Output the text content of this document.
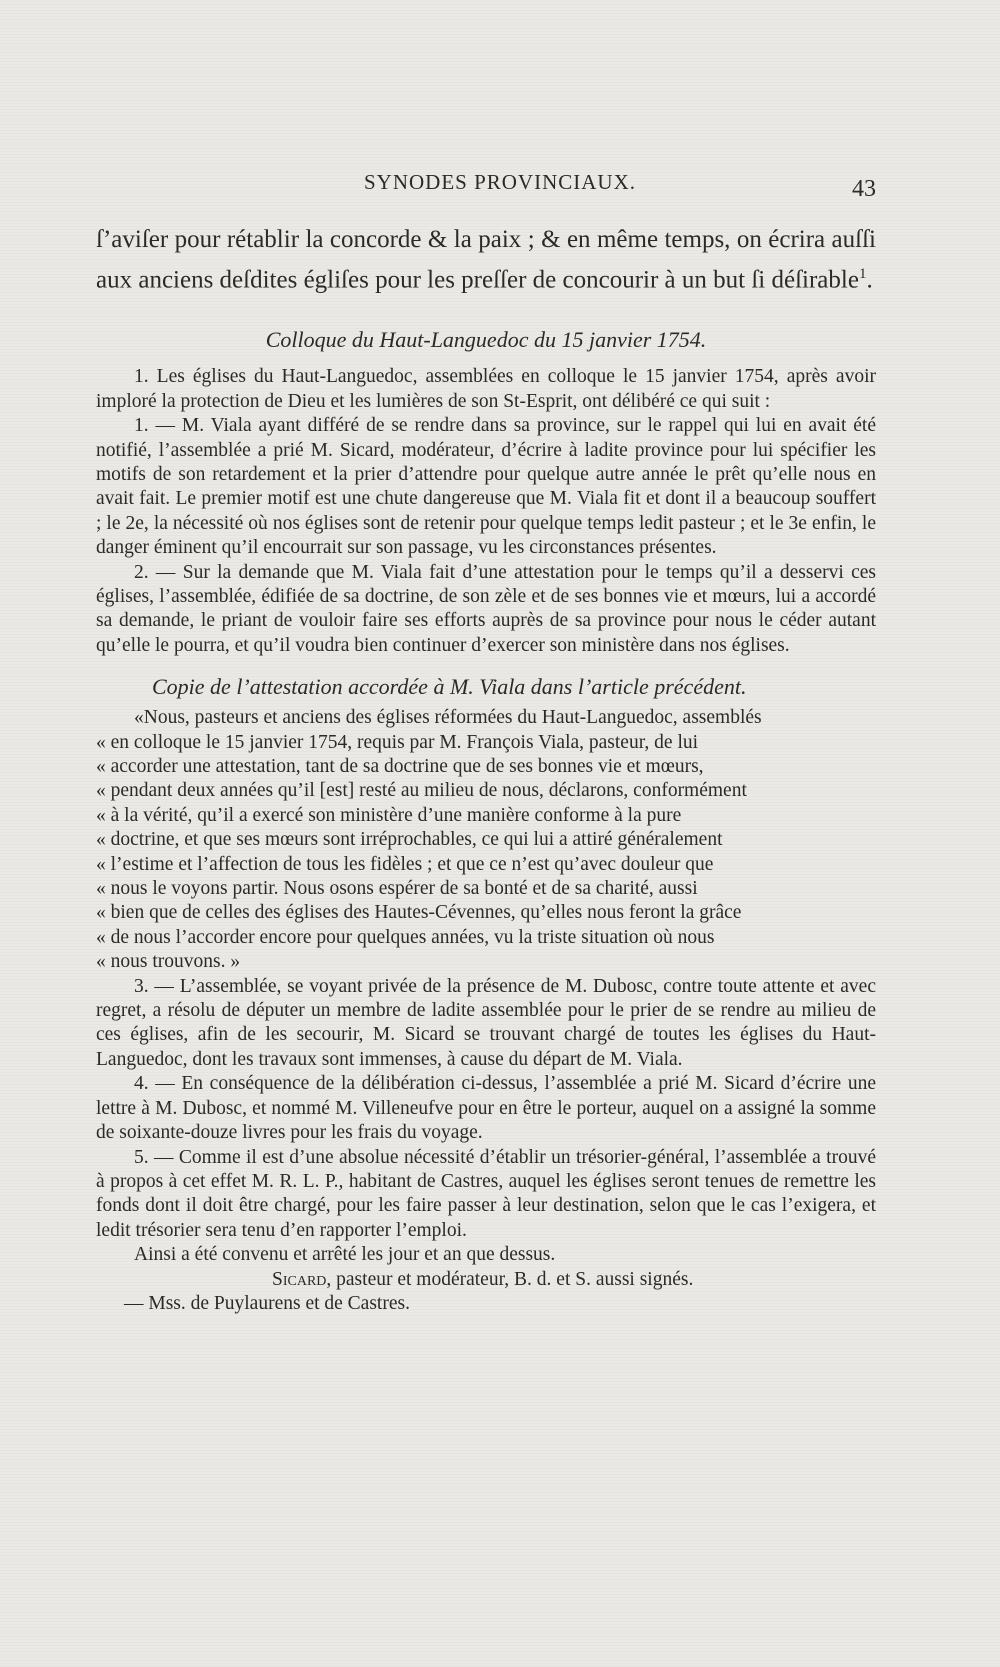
SYNODES PROVINCIAUX.	43

ſ’aviſer pour rétablir la concorde & la paix ; & en même temps, on écrira auſſi aux anciens deſdites égliſes pour les preſſer de concourir à un but ſi déſirable$^1$.

Colloque du Haut-Languedoc du 15 janvier 1754.

1. Les églises du Haut-Languedoc, assemblées en colloque le 15 janvier 1754, après avoir imploré la protection de Dieu et les lumières de son St-Esprit, ont délibéré ce qui suit :

1. — M. Viala ayant différé de se rendre dans sa province, sur le rappel qui lui en avait été notifié, l’assemblée a prié M. Sicard, modérateur, d’écrire à ladite province pour lui spécifier les motifs de son retardement et la prier d’attendre pour quelque autre année le prêt qu’elle nous en avait fait. Le premier motif est une chute dangereuse que M. Viala fit et dont il a beaucoup souffert ; le 2e, la nécessité où nos églises sont de retenir pour quelque temps ledit pasteur ; et le 3e enfin, le danger éminent qu’il encourrait sur son passage, vu les circonstances présentes.

2. — Sur la demande que M. Viala fait d’une attestation pour le temps qu’il a desservi ces églises, l’assemblée, édifiée de sa doctrine, de son zèle et de ses bonnes vie et mœurs, lui a accordé sa demande, le priant de vouloir faire ses efforts auprès de sa province pour nous le céder autant qu’elle le pourra, et qu’il voudra bien continuer d’exercer son ministère dans nos églises.

Copie de l’attestation accordée à M. Viala dans l’article précédent.

«Nous, pasteurs et anciens des églises réformées du Haut-Languedoc, assemblés

« en colloque le 15 janvier 1754, requis par M. François Viala, pasteur, de lui

« accorder une attestation, tant de sa doctrine que de ses bonnes vie et mœurs,

« pendant deux années qu’il [est] resté au milieu de nous, déclarons, conformément

« à la vérité, qu’il a exercé son ministère d’une manière conforme à la pure

« doctrine, et que ses mœurs sont irréprochables, ce qui lui a attiré généralement

« l’estime et l’affection de tous les fidèles ; et que ce n’est qu’avec douleur que

« nous le voyons partir. Nous osons espérer de sa bonté et de sa charité, aussi

« bien que de celles des églises des Hautes-Cévennes, qu’elles nous feront la grâce

« de nous l’accorder encore pour quelques années, vu la triste situation où nous

« nous trouvons. »

3. — L’assemblée, se voyant privée de la présence de M. Dubosc, contre toute attente et avec regret, a résolu de députer un membre de ladite assemblée pour le prier de se rendre au milieu de ces églises, afin de les secourir, M. Sicard se trouvant chargé de toutes les églises du Haut-Languedoc, dont les travaux sont immenses, à cause du départ de M. Viala.

4. — En conséquence de la délibération ci-dessus, l’assemblée a prié M. Sicard d’écrire une lettre à M. Dubosc, et nommé M. Villeneufve pour en être le porteur, auquel on a assigné la somme de soixante-douze livres pour les frais du voyage.

5. — Comme il est d’une absolue nécessité d’établir un trésorier-général, l’assemblée a trouvé à propos à cet effet M. R. L. P., habitant de Castres, auquel les églises seront tenues de remettre les fonds dont il doit être chargé, pour les faire passer à leur destination, selon que le cas l’exigera, et ledit trésorier sera tenu d’en rapporter l’emploi.

Ainsi a été convenu et arrêté les jour et an que dessus.

Sicard, pasteur et modérateur, B. d. et S. aussi signés.

— Mss. de Puylaurens et de Castres.
